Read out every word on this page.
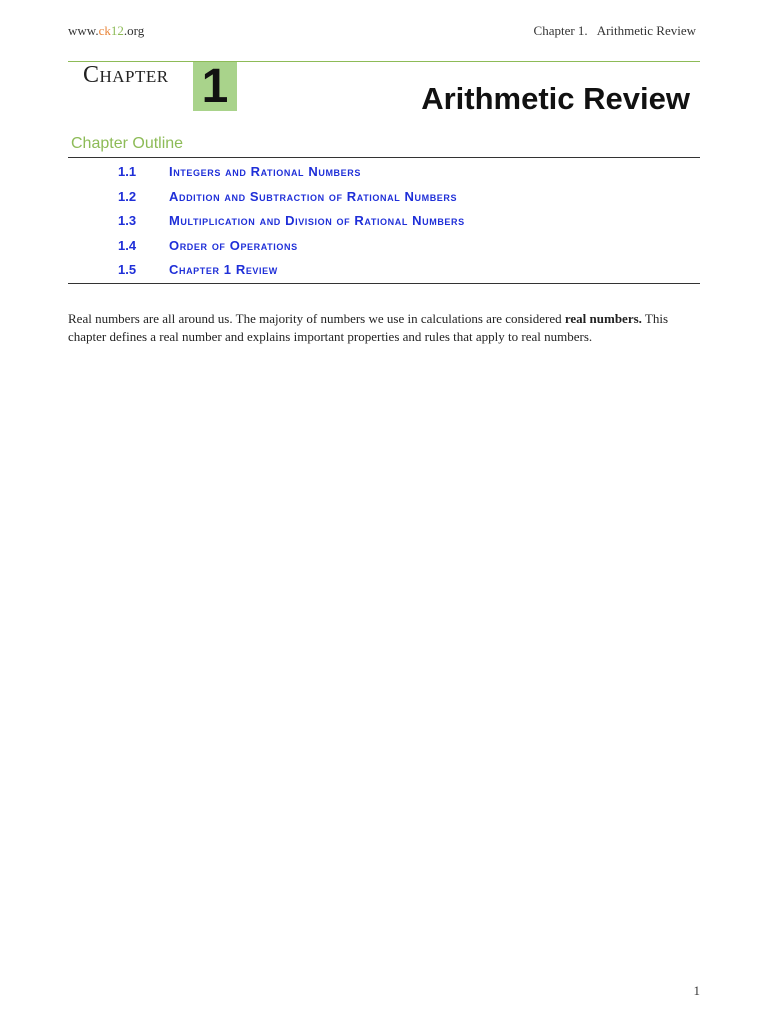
www.ck12.org	Chapter 1.   Arithmetic Review
Chapter 1	Arithmetic Review
Chapter Outline
1.1	Integers and Rational Numbers
1.2	Addition and Subtraction of Rational Numbers
1.3	Multiplication and Division of Rational Numbers
1.4	Order of Operations
1.5	Chapter 1 Review

Real numbers are all around us. The majority of numbers we use in calculations are considered real numbers. This chapter defines a real number and explains important properties and rules that apply to real numbers.

1
